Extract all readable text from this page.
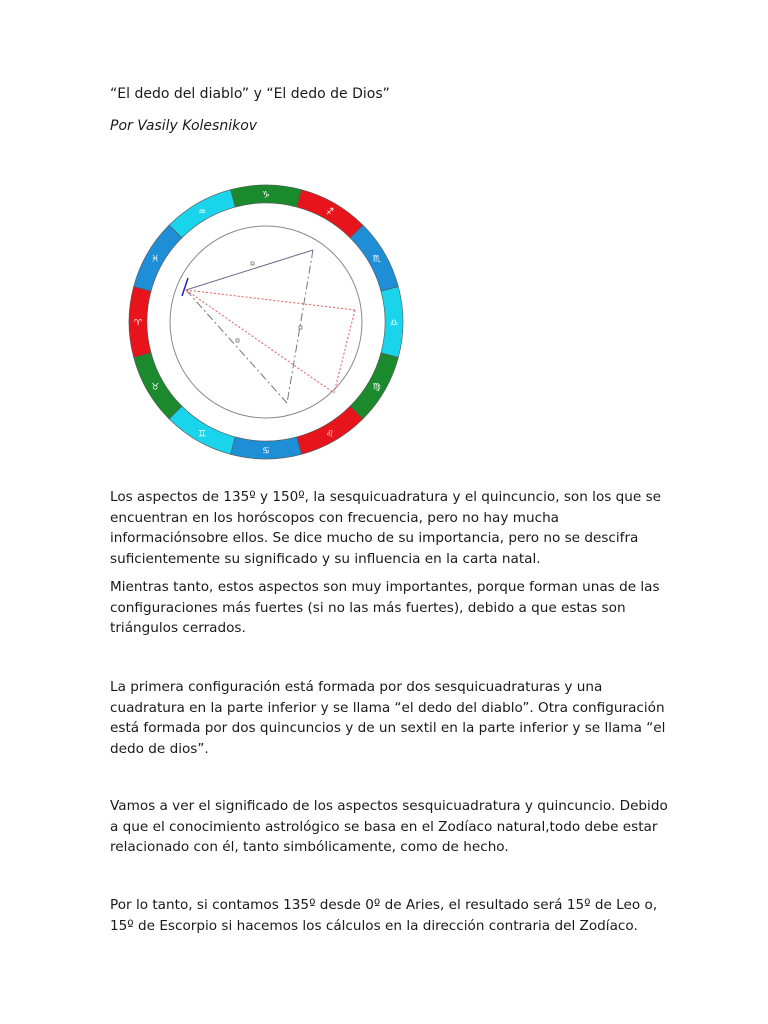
“El dedo del diablo” y “El dedo de Dios”
Por Vasily Kolesnikov
♑
♐
♏
♎
♍
♌
♋
♊
♉
♈
♓
♒

Los aspectos de 135º y 150º, la sesquicuadratura y el quincuncio, son los que se encuentran en los horóscopos con frecuencia, pero no hay mucha informaciónsobre ellos. Se dice mucho de su importancia, pero no se descifra suficientemente su significado y su influencia en la carta natal.

Mientras tanto, estos aspectos son muy importantes, porque forman unas de las configuraciones más fuertes (si no las más fuertes), debido a que estas son triángulos cerrados.

La primera configuración está formada por dos sesquicuadraturas y una cuadratura en la parte inferior y se llama “el dedo del diablo”. Otra configuración está formada por dos quincuncios y de un sextil en la parte inferior y se llama “el dedo de dios”.

Vamos a ver el significado de los aspectos sesquicuadratura y quincuncio. Debido a que el conocimiento astrológico se basa en el Zodíaco natural,todo debe estar relacionado con él, tanto simbólicamente, como de hecho.

Por lo tanto, si contamos 135º desde 0º de Aries, el resultado será 15º de Leo o, 15º de Escorpio si hacemos los cálculos en la dirección contraria del Zodíaco.
